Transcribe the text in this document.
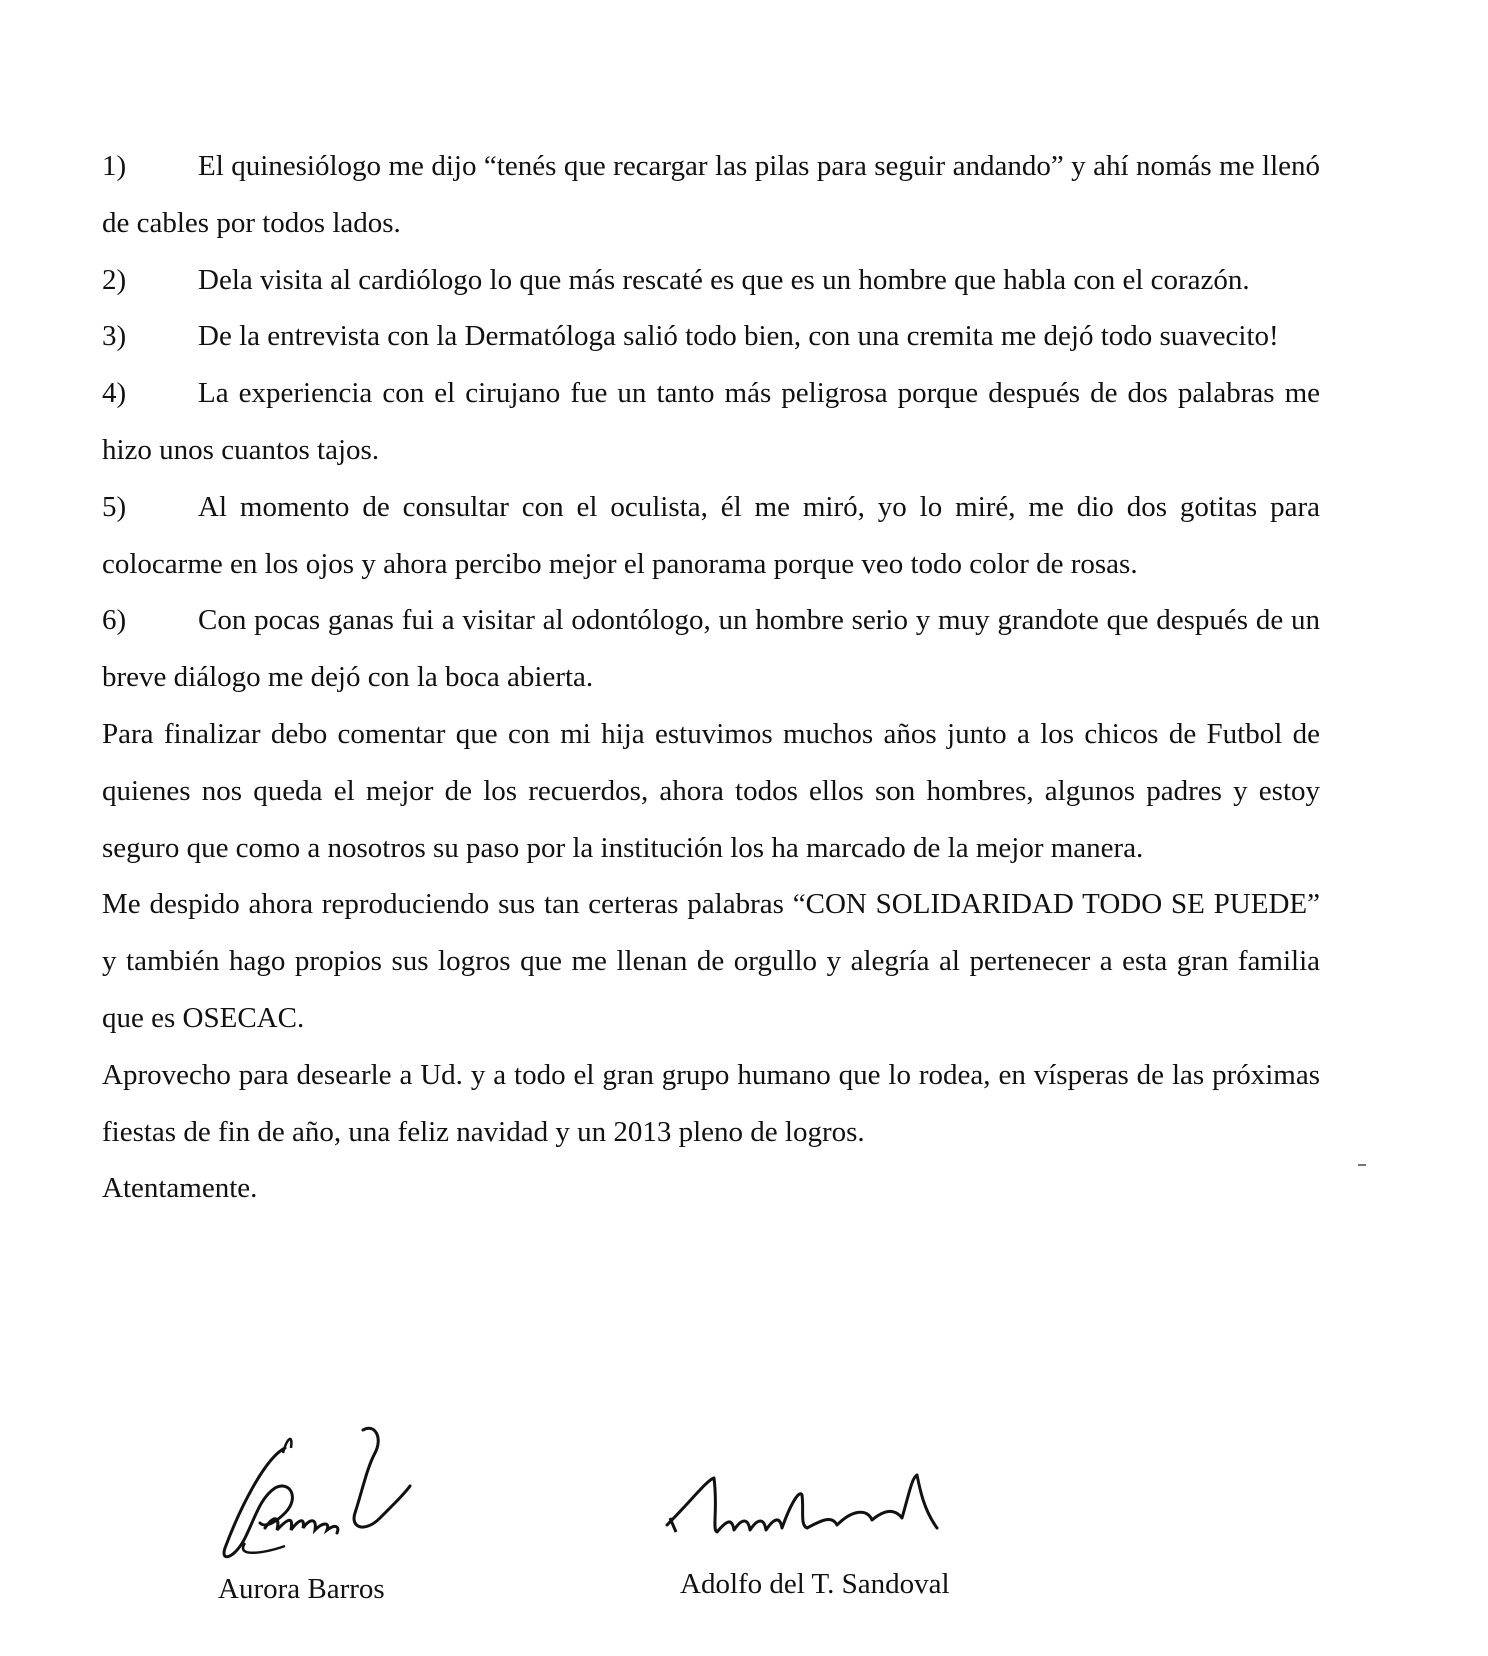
1) El quinesiólogo me dijo “tenés que recargar las pilas para seguir andando” y ahí nomás me llenó de cables por todos lados.

2) Dela visita al cardiólogo lo que más rescaté es que es un hombre que habla con el corazón.

3) De la entrevista con la Dermatóloga salió todo bien, con una cremita me dejó todo suavecito!

4) La experiencia con el cirujano fue un tanto más peligrosa porque después de dos palabras me hizo unos cuantos tajos.

5) Al momento de consultar con el oculista, él me miró, yo lo miré, me dio dos gotitas para colocarme en los ojos y ahora percibo mejor el panorama porque veo todo color de rosas.

6) Con pocas ganas fui a visitar al odontólogo, un hombre serio y muy grandote que después de un breve diálogo me dejó con la boca abierta.

Para finalizar debo comentar que con mi hija estuvimos muchos años junto a los chicos de Futbol de quienes nos queda el mejor de los recuerdos, ahora todos ellos son hombres, algunos padres y estoy seguro que como a nosotros su paso por la institución los ha marcado de la mejor manera.

Me despido ahora reproduciendo sus tan certeras palabras “CON SOLIDARIDAD TODO SE PUEDE” y también hago propios sus logros que me llenan de orgullo y alegría al pertenecer a esta gran familia que es OSECAC.

Aprovecho para desearle a Ud. y a todo el gran grupo humano que lo rodea, en vísperas de las próximas fiestas de fin de año, una feliz navidad y un 2013 pleno de logros.

Atentamente.

Aurora Barros	Adolfo del T. Sandoval
